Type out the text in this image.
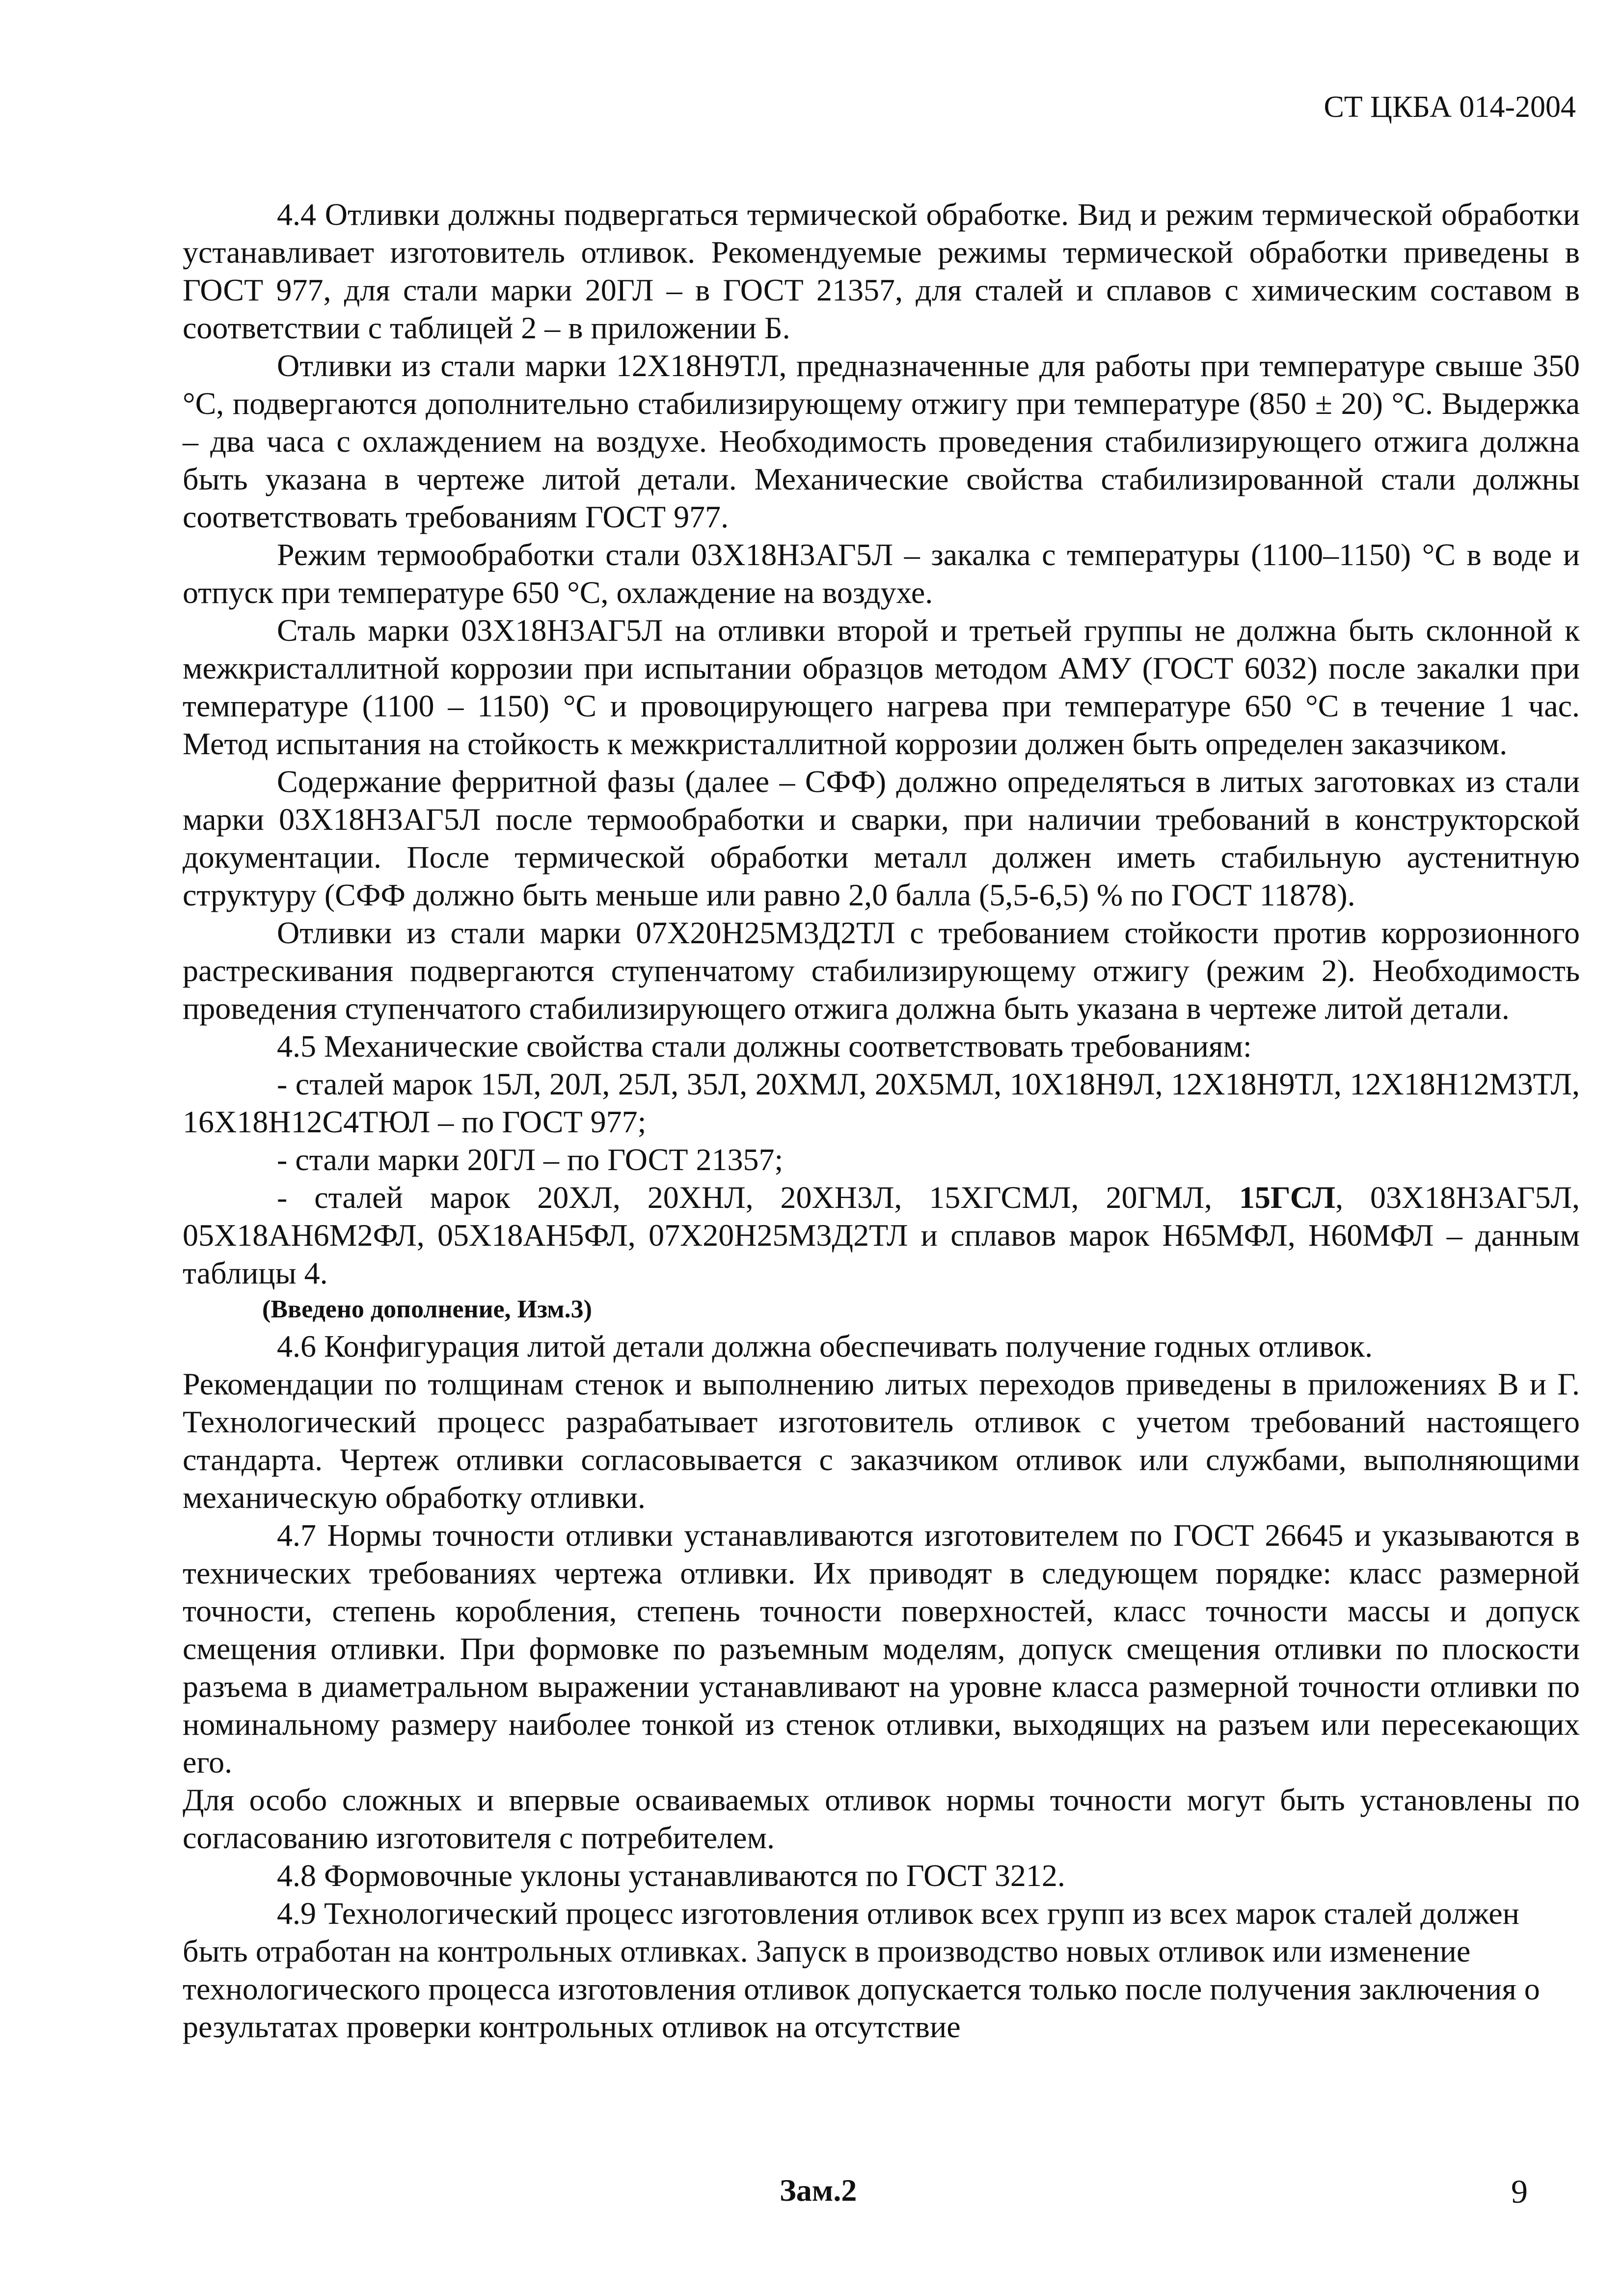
СТ ЦКБА 014-2004

4.4 Отливки должны подвергаться термической обработке. Вид и режим термической обработки устанавливает изготовитель отливок. Рекомендуемые режимы термической обработки приведены в ГОСТ 977, для стали марки 20ГЛ – в ГОСТ 21357, для сталей и сплавов с химическим составом в соответствии с таблицей 2 – в приложении Б.

Отливки из стали марки 12Х18Н9ТЛ, предназначенные для работы при температуре свыше 350 °С, подвергаются дополнительно стабилизирующему отжигу при температуре (850 ± 20) °С. Выдержка – два часа с охлаждением на воздухе. Необходимость проведения стабилизирующего отжига должна быть указана в чертеже литой детали. Механические свойства стабилизированной стали должны соответствовать требованиям ГОСТ 977.

Режим термообработки стали 03Х18Н3АГ5Л – закалка с температуры (1100–1150) °С в воде и отпуск при температуре 650 °С, охлаждение на воздухе.

Сталь марки 03Х18Н3АГ5Л на отливки второй и третьей группы не должна быть склонной к межкристаллитной коррозии при испытании образцов методом АМУ (ГОСТ 6032) после закалки при температуре (1100 – 1150) °С и провоцирующего нагрева при температуре 650 °С в течение 1 час. Метод испытания на стойкость к межкристаллитной коррозии должен быть определен заказчиком.

Содержание ферритной фазы (далее – СФФ) должно определяться в литых заготовках из стали марки 03Х18Н3АГ5Л после термообработки и сварки, при наличии требований в конструкторской документации. После термической обработки металл должен иметь стабильную аустенитную структуру (СФФ должно быть меньше или равно 2,0 балла (5,5-6,5) % по ГОСТ 11878).

Отливки из стали марки 07Х20Н25М3Д2ТЛ с требованием стойкости против коррозионного растрескивания подвергаются ступенчатому стабилизирующему отжигу (режим 2). Необходимость проведения ступенчатого стабилизирующего отжига должна быть указана в чертеже литой детали.

4.5 Механические свойства стали должны соответствовать требованиям:

- сталей марок 15Л, 20Л, 25Л, 35Л, 20ХМЛ, 20Х5МЛ, 10Х18Н9Л, 12Х18Н9ТЛ, 12Х18Н12М3ТЛ, 16Х18Н12С4ТЮЛ – по ГОСТ 977;

- стали марки 20ГЛ – по ГОСТ 21357;

- сталей марок 20ХЛ, 20ХНЛ, 20ХН3Л, 15ХГСМЛ, 20ГМЛ, 15ГСЛ, 03Х18Н3АГ5Л, 05Х18АН6М2ФЛ, 05Х18АН5ФЛ, 07Х20Н25М3Д2ТЛ и сплавов марок Н65МФЛ, Н60МФЛ – данным таблицы 4.

(Введено дополнение, Изм.3)

4.6 Конфигурация литой детали должна обеспечивать получение годных отливок.

Рекомендации по толщинам стенок и выполнению литых переходов приведены в приложениях В и Г. Технологический процесс разрабатывает изготовитель отливок с учетом требований настоящего стандарта. Чертеж отливки согласовывается с заказчиком отливок или службами, выполняющими механическую обработку отливки.

4.7 Нормы точности отливки устанавливаются изготовителем по ГОСТ 26645 и указываются в технических требованиях чертежа отливки. Их приводят в следующем порядке: класс размерной точности, степень коробления, степень точности поверхностей, класс точности массы и допуск смещения отливки. При формовке по разъемным моделям, допуск смещения отливки по плоскости разъема в диаметральном выражении устанавливают на уровне класса размерной точности отливки по номинальному размеру наиболее тонкой из стенок отливки, выходящих на разъем или пересекающих его.

Для особо сложных и впервые осваиваемых отливок нормы точности могут быть установлены по согласованию изготовителя с потребителем.

4.8 Формовочные уклоны устанавливаются по ГОСТ 3212.

4.9 Технологический процесс изготовления отливок всех групп из всех марок сталей должен быть отработан на контрольных отливках. Запуск в производство новых отливок или изменение технологического процесса изготовления отливок допускается только после получения заключения о результатах проверки контрольных отливок на отсутствие

Зам.2	9
